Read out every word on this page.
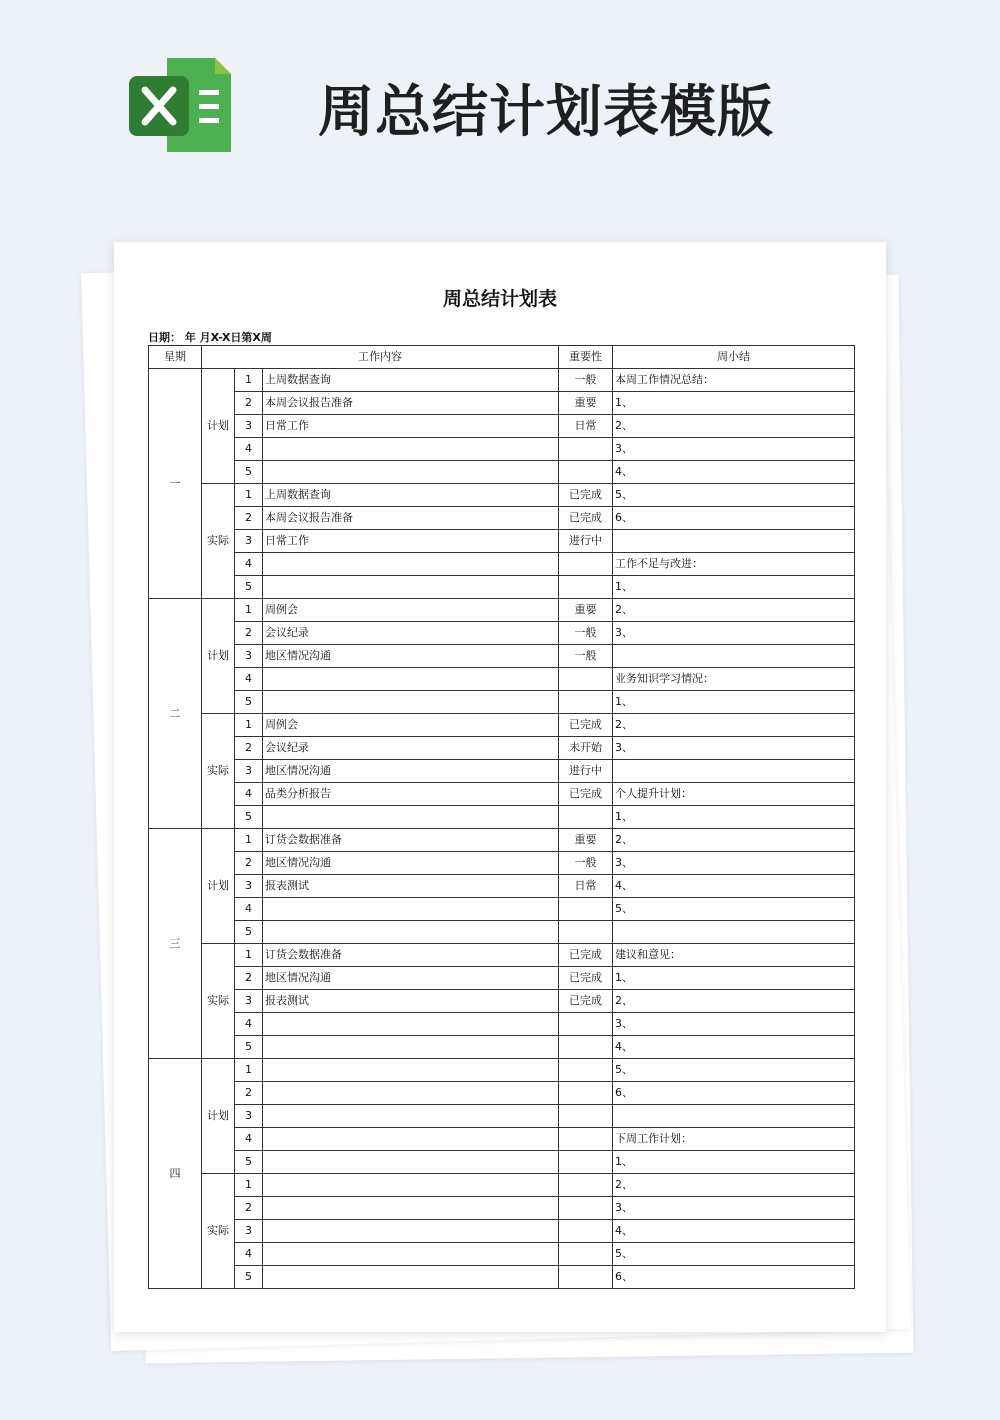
周总结计划表模版
周总结计划表
日期： 年 月X-X日第X周
星期	工作内容			重要性	周小结
一	计划	1	上周数据查询	一般	本周工作情况总结：
		2	本周会议报告准备	重要	1、
		3	日常工作	日常	2、
		4			3、
		5			4、
	实际	1	上周数据查询	已完成	5、
		2	本周会议报告准备	已完成	6、
		3	日常工作	进行中	
		4			工作不足与改进：
		5			1、
二	计划	1	周例会	重要	2、
		2	会议纪录	一般	3、
		3	地区情况沟通	一般	
		4			业务知识学习情况：
		5			1、
	实际	1	周例会	已完成	2、
		2	会议纪录	未开始	3、
		3	地区情况沟通	进行中	
		4	品类分析报告	已完成	个人提升计划：
		5			1、
三	计划	1	订货会数据准备	重要	2、
		2	地区情况沟通	一般	3、
		3	报表测试	日常	4、
		4			5、
		5			
	实际	1	订货会数据准备	已完成	建议和意见：
		2	地区情况沟通	已完成	1、
		3	报表测试	已完成	2、
		4			3、
		5			4、
四	计划	1			5、
		2			6、
		3			
		4			下周工作计划：
		5			1、
	实际	1			2、
		2			3、
		3			4、
		4			5、
		5			6、
